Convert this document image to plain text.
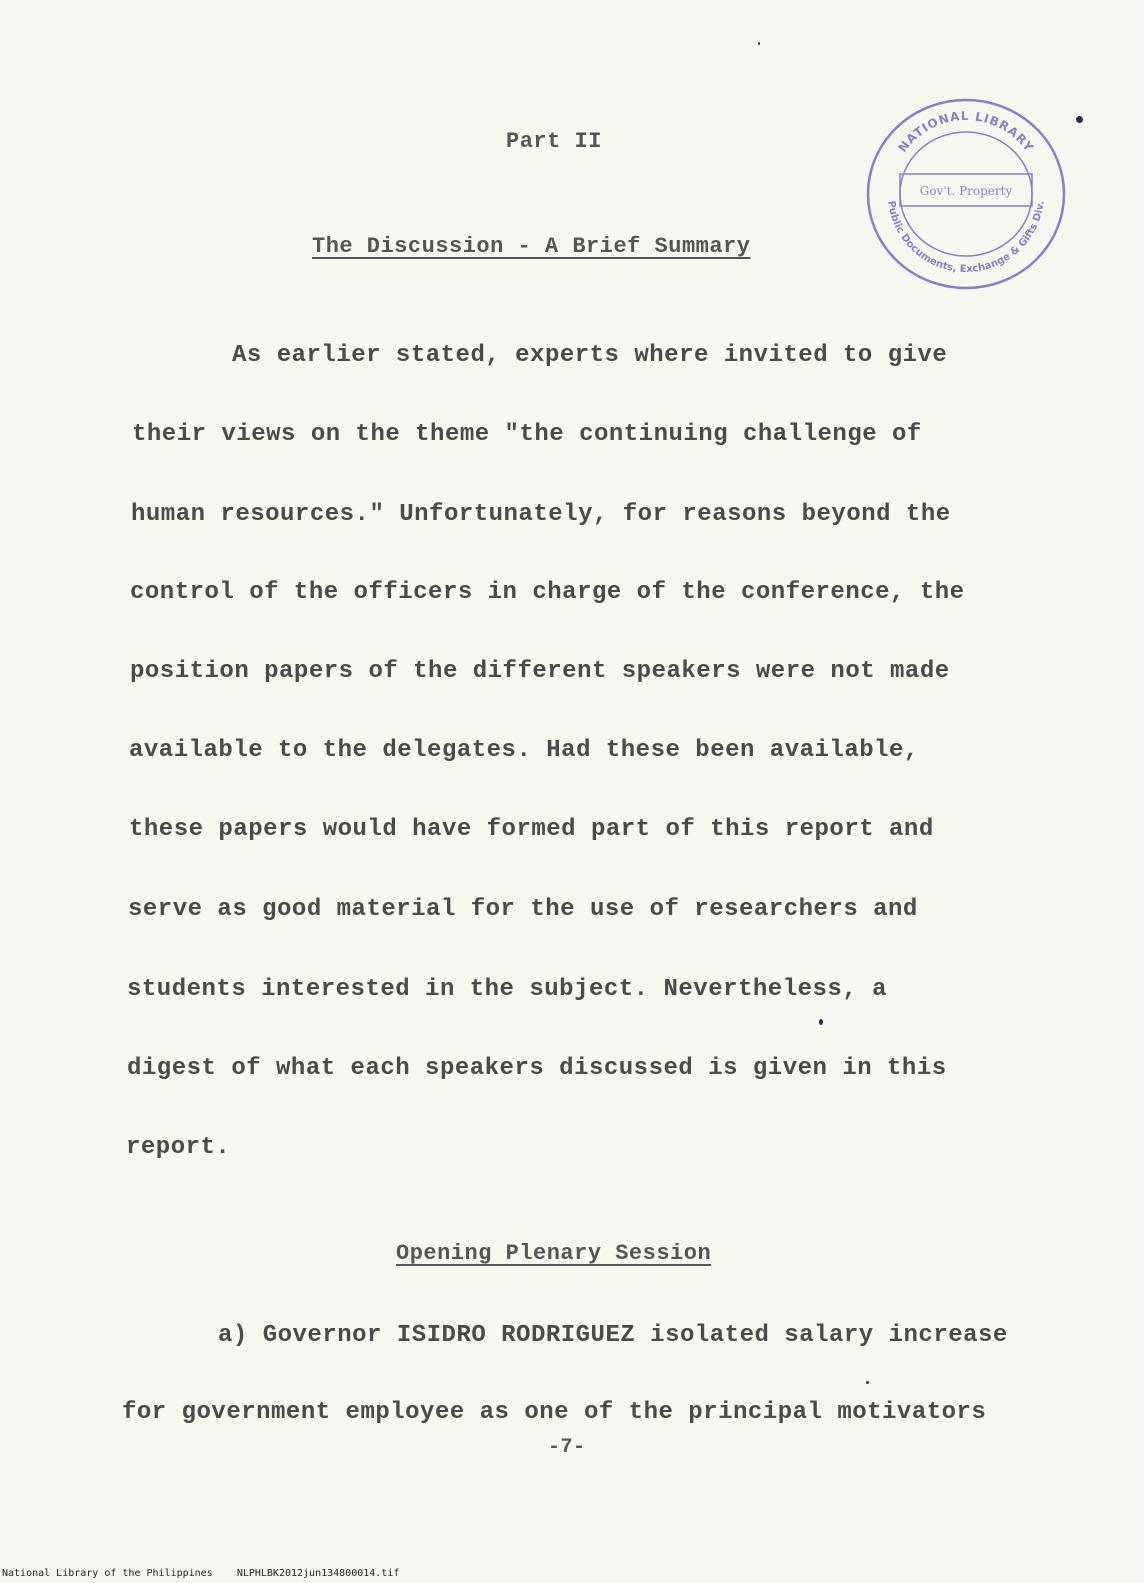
Part II
The Discussion - A Brief Summary
As earlier stated, experts where invited to give
their views on the theme "the continuing challenge of
human resources." Unfortunately, for reasons beyond the
control of the officers in charge of the conference, the
position papers of the different speakers were not made
available to the delegates. Had these been available,
these papers would have formed part of this report and
serve as good material for the use of researchers and
students interested in the subject. Nevertheless, a
digest of what each speakers discussed is given in this
report.
Opening Plenary Session
a) Governor ISIDRO RODRIGUEZ isolated salary increase
for government employee as one of the principal motivators
-7-
NATIONAL LIBRARY
Public Documents, Exchange & Gifts Div.
Gov't. Property
National Library of the Philippines NLPHLBK2012jun134800014.tif
